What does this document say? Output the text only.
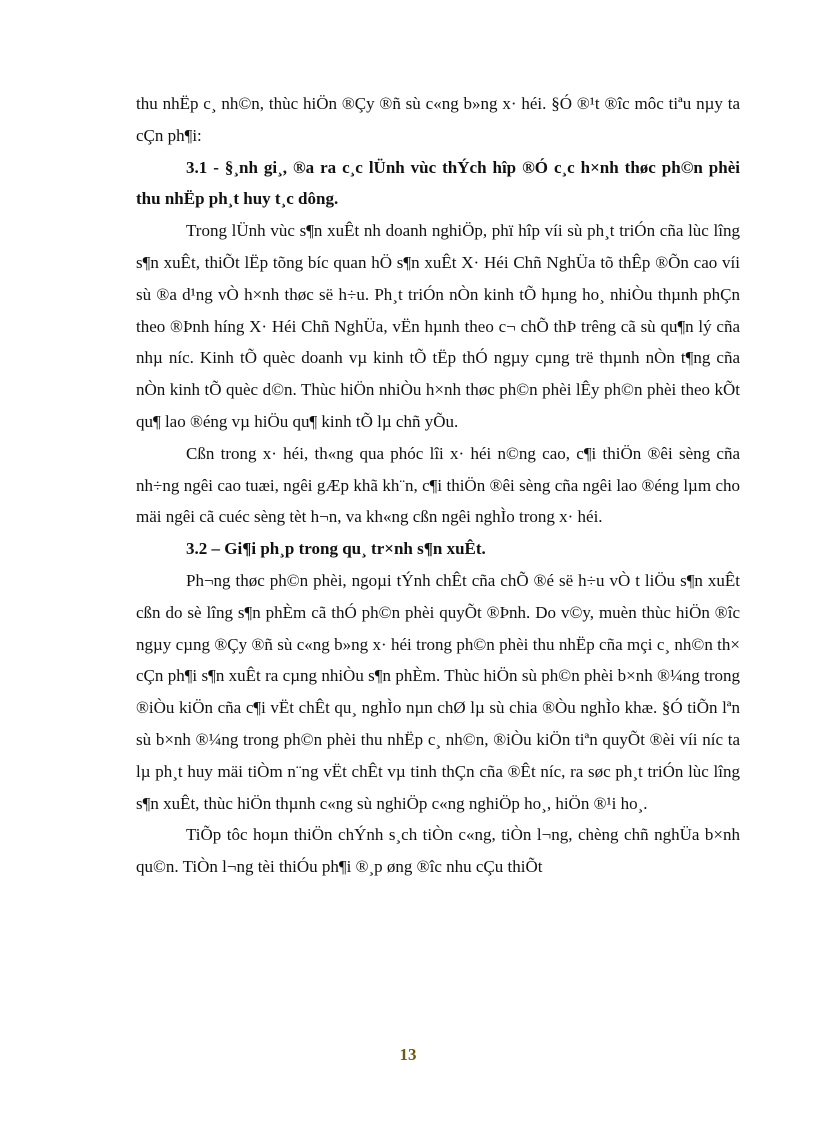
thu nhËp c¸ nh©n, thùc hiÖn ®Çy ®ñ sù c«ng b»ng x· héi. §Ó ®¹t ®îc môc tiªu nµy ta cÇn ph¶i:

3.1 - §¸nh gi¸, ®a ra c¸c lÜnh vùc thÝch hîp ®Ó c¸c h×nh thøc ph©n phèi thu nhËp ph¸t huy t¸c dông.

Trong lÜnh vùc s¶n xuÊt nh doanh nghiÖp, phï hîp víi sù ph¸t triÓn cña lùc lîng s¶n xuÊt, thiÕt lËp tõng bíc quan hÖ s¶n xuÊt X· Héi Chñ NghÜa tõ thÊp ®Õn cao víi sù ®a d¹ng vÒ h×nh thøc së h÷u. Ph¸t triÓn nÒn kinh tÕ hµng ho¸ nhiÒu thµnh phÇn theo ®Þnh híng X· Héi Chñ NghÜa, vËn hµnh theo c¬ chÕ thÞ trêng cã sù qu¶n lý cña nhµ níc. Kinh tÕ quèc doanh vµ kinh tÕ tËp thÓ ngµy cµng trë thµnh nÒn t¶ng cña nÒn kinh tÕ quèc d©n. Thùc hiÖn nhiÒu h×nh thøc ph©n phèi lÊy ph©n phèi theo kÕt qu¶ lao ®éng vµ hiÖu qu¶ kinh tÕ lµ chñ yÕu.

Cßn trong x· héi, th«ng qua phóc lîi x· héi n©ng cao, c¶i thiÖn ®êi sèng cña nh÷ng ngêi cao tuæi, ngêi gÆp khã kh¨n, c¶i thiÖn ®êi sèng cña ngêi lao ®éng lµm cho mäi ngêi cã cuéc sèng tèt h¬n, va kh«ng cßn ngêi nghÌo trong x· héi.

3.2 – Gi¶i ph¸p trong qu¸ tr×nh s¶n xuÊt.

Ph¬ng thøc ph©n phèi, ngoµi tÝnh chÊt cña chÕ ®é së h÷u vÒ t liÖu s¶n xuÊt cßn do sè lîng s¶n phÈm cã thÓ ph©n phèi quyÕt ®Þnh. Do v©y, muèn thùc hiÖn ®îc ngµy cµng ®Çy ®ñ sù c«ng b»ng x· héi trong ph©n phèi thu nhËp cña mçi c¸ nh©n th× cÇn ph¶i s¶n xuÊt ra cµng nhiÒu s¶n phÈm. Thùc hiÖn sù ph©n phèi b×nh ®¼ng trong ®iÒu kiÖn cña c¶i vËt chÊt qu¸ nghÌo nµn chØ lµ sù chia ®Òu nghÌo khæ. §Ó tiÕn lªn sù b×nh ®¼ng trong ph©n phèi thu nhËp c¸ nh©n, ®iÒu kiÖn tiªn quyÕt ®èi víi níc ta lµ ph¸t huy mäi tiÒm n¨ng vËt chÊt vµ tinh thÇn cña ®Êt níc, ra søc ph¸t triÓn lùc lîng s¶n xuÊt, thùc hiÖn thµnh c«ng sù nghiÖp c«ng nghiÖp ho¸, hiÖn ®¹i ho¸.

TiÕp tôc hoµn thiÖn chÝnh s¸ch tiÒn c«ng, tiÒn l¬ng, chèng chñ nghÜa b×nh qu©n. TiÒn l¬ng tèi thiÓu ph¶i ®¸p øng ®îc nhu cÇu thiÕt

13
